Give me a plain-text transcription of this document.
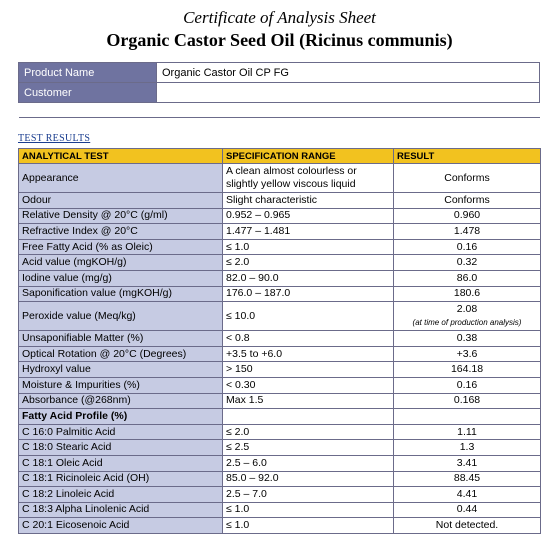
Certificate of Analysis Sheet
Organic Castor Seed Oil (Ricinus communis)
Product Name	Organic Castor Oil CP FG
Customer	

TEST RESULTS
ANALYTICAL TEST	SPECIFICATION RANGE	RESULT
Appearance	A clean almost colourless or slightly yellow viscous liquid	Conforms
Odour	Slight characteristic	Conforms
Relative Density @ 20°C (g/ml)	0.952 – 0.965	0.960
Refractive Index @ 20°C	1.477 – 1.481	1.478
Free Fatty Acid (% as Oleic)	≤ 1.0	0.16
Acid value (mgKOH/g)	≤ 2.0	0.32
Iodine value (mg/g)	82.0 – 90.0	86.0
Saponification value (mgKOH/g)	176.0 – 187.0	180.6
Peroxide value (Meq/kg)	≤ 10.0	2.08
(at time of production analysis)

Unsaponifiable Matter (%)	< 0.8	0.38
Optical Rotation @ 20°C (Degrees)	+3.5 to +6.0	+3.6
Hydroxyl value	> 150	164.18
Moisture & Impurities (%)	< 0.30	0.16
Absorbance (@268nm)	Max 1.5	0.168
Fatty Acid Profile (%)		
C 16:0 Palmitic Acid	≤ 2.0	1.11
C 18:0 Stearic Acid	≤ 2.5	1.3
C 18:1 Oleic Acid	2.5 – 6.0	3.41
C 18:1 Ricinoleic Acid (OH)	85.0 – 92.0	88.45
C 18:2 Linoleic Acid	2.5 – 7.0	4.41
C 18:3 Alpha Linolenic Acid	≤ 1.0	0.44
C 20:1 Eicosenoic Acid	≤ 1.0	Not detected.
